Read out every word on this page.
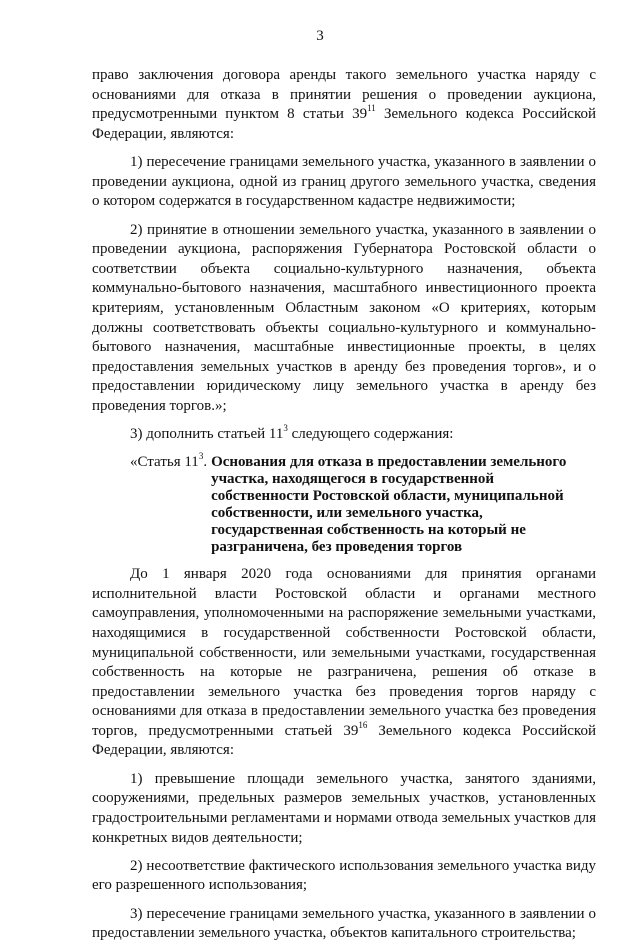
3

право заключения договора аренды такого земельного участка наряду с основаниями для отказа в принятии решения о проведении аукциона, предусмотренными пунктом 8 статьи $39^{11}$ Земельного кодекса Российской Федерации, являются:

1) пересечение границами земельного участка, указанного в заявлении о проведении аукциона, одной из границ другого земельного участка, сведения о котором содержатся в государственном кадастре недвижимости;

2) принятие в отношении земельного участка, указанного в заявлении о проведении аукциона, распоряжения Губернатора Ростовской области о соответствии объекта социально-культурного назначения, объекта коммунально-бытового назначения, масштабного инвестиционного проекта критериям, установленным Областным законом «О критериях, которым должны соответствовать объекты социально-культурного и коммунально-бытового назначения, масштабные инвестиционные проекты, в целях предоставления земельных участков в аренду без проведения торгов», и о предоставлении юридическому лицу земельного участка в аренду без проведения торгов.»;

3) дополнить статьей $11^3$ следующего содержания:

«Статья $11^3$. Основания для отказа в предоставлении земельного участка, находящегося в государственной собственности Ростовской области, муниципальной собственности, или земельного участка, государственная собственность на который не разграничена, без проведения торгов

До 1 января 2020 года основаниями для принятия органами исполнительной власти Ростовской области и органами местного самоуправления, уполномоченными на распоряжение земельными участками, находящимися в государственной собственности Ростовской области, муниципальной собственности, или земельными участками, государственная собственность на которые не разграничена, решения об отказе в предоставлении земельного участка без проведения торгов наряду с основаниями для отказа в предоставлении земельного участка без проведения торгов, предусмотренными статьей $39^{16}$ Земельного кодекса Российской Федерации, являются:

1) превышение площади земельного участка, занятого зданиями, сооружениями, предельных размеров земельных участков, установленных градостроительными регламентами и нормами отвода земельных участков для конкретных видов деятельности;

2) несоответствие фактического использования земельного участка виду его разрешенного использования;

3) пересечение границами земельного участка, указанного в заявлении о предоставлении земельного участка, объектов капитального строительства;
